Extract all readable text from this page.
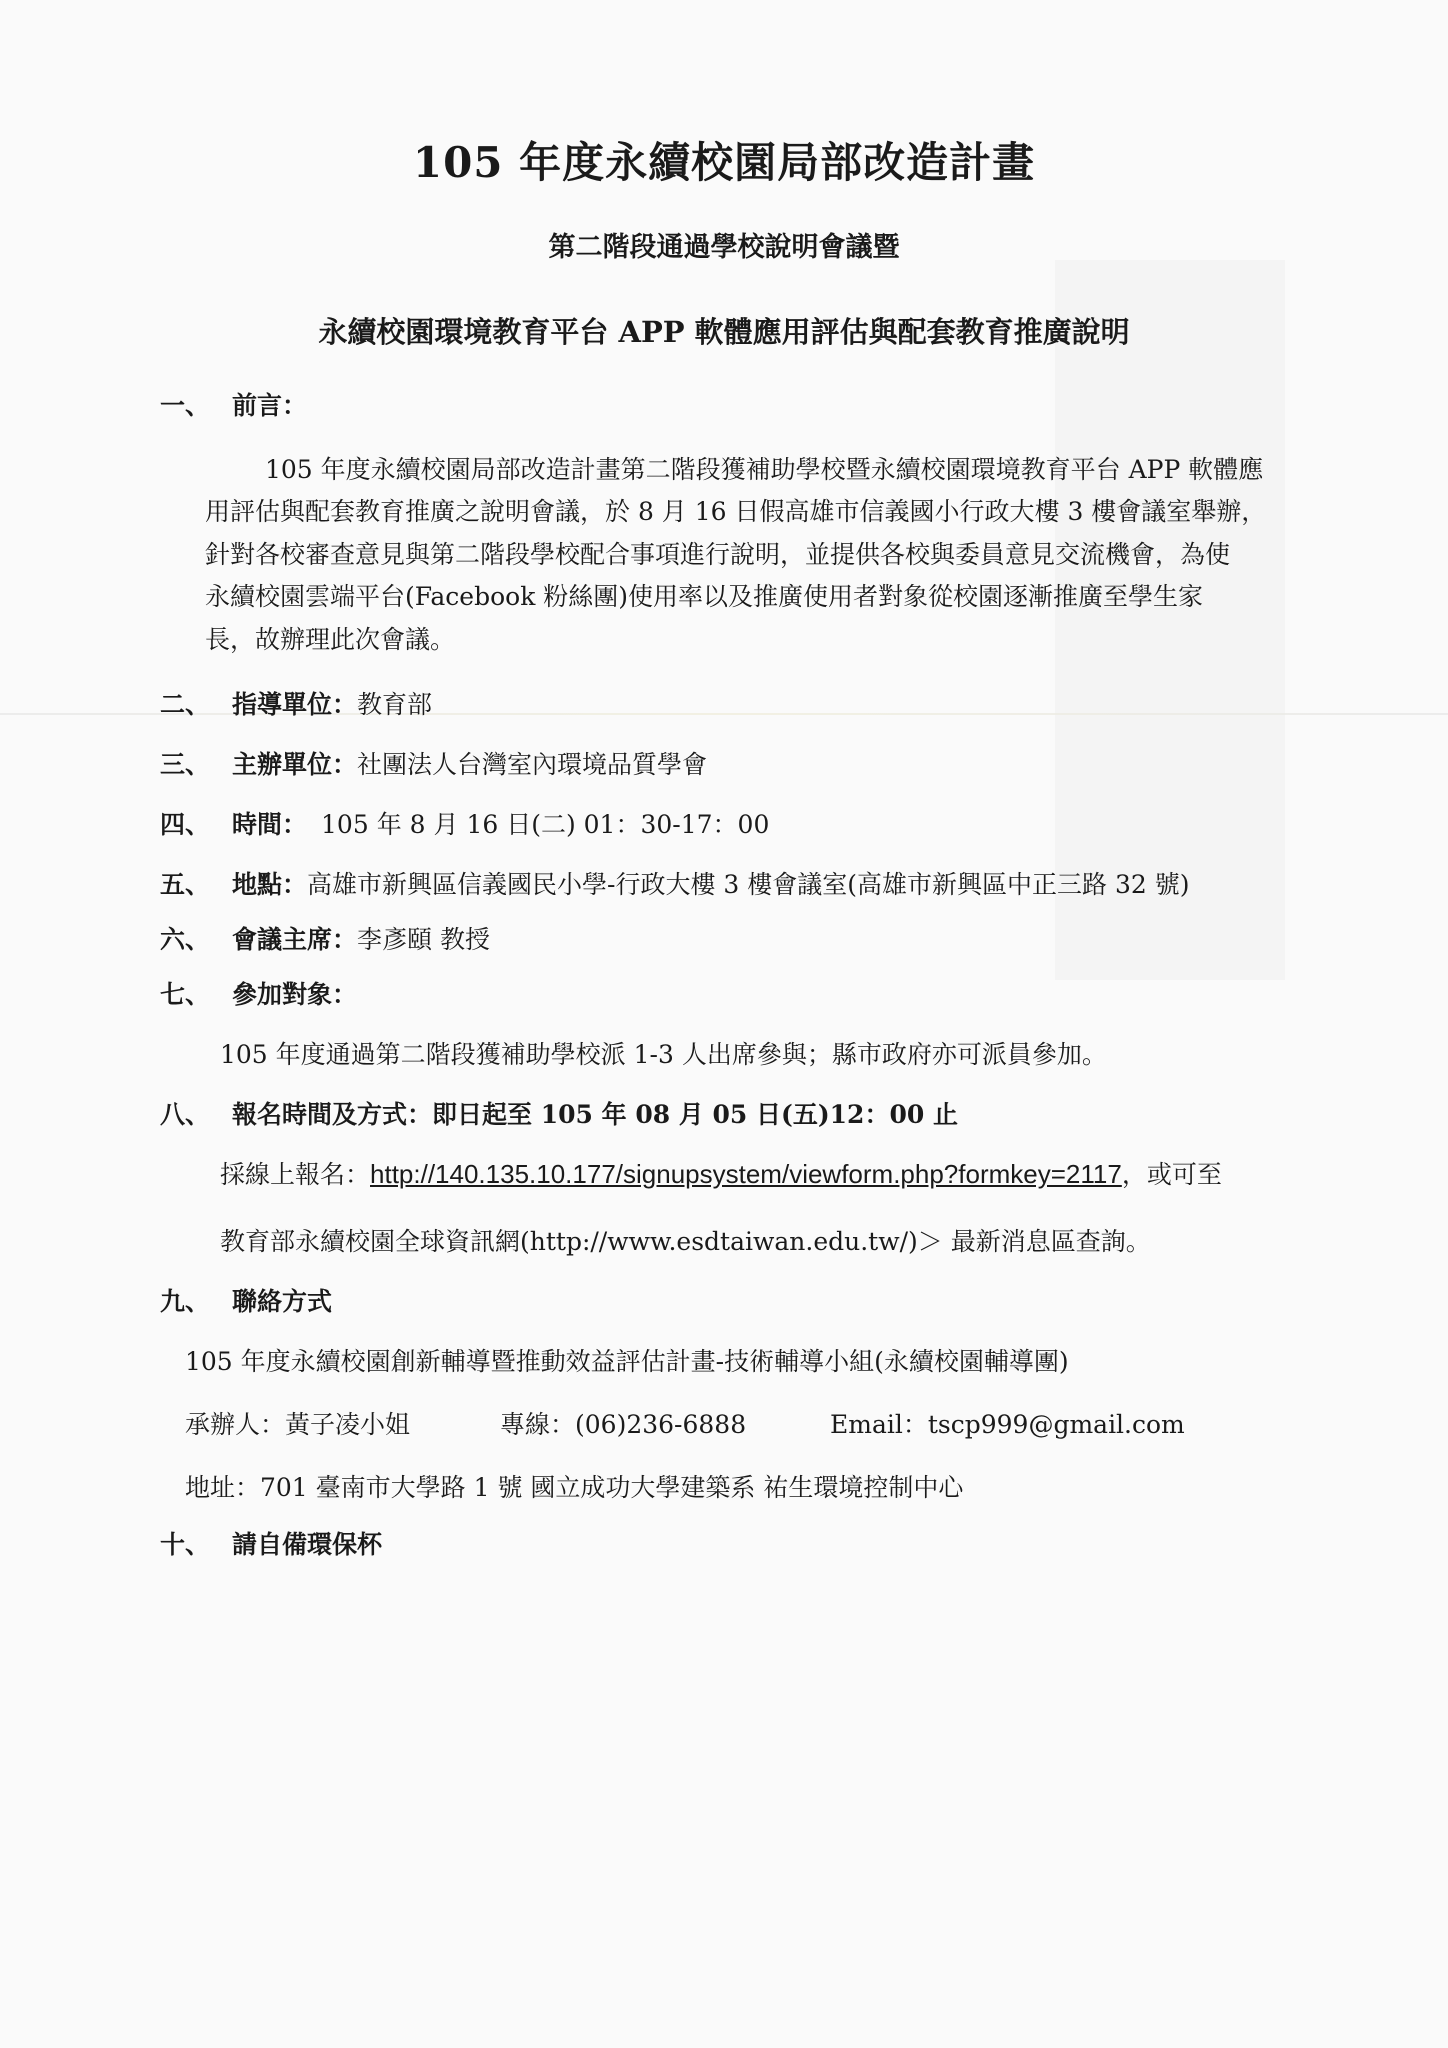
105 年度永續校園局部改造計畫
第二階段通過學校說明會議暨
永續校園環境教育平台 APP 軟體應用評估與配套教育推廣說明
一、 前言：
105 年度永續校園局部改造計畫第二階段獲補助學校暨永續校園環境教育平台 APP 軟體應
用評估與配套教育推廣之說明會議，於 8 月 16 日假高雄市信義國小行政大樓 3 樓會議室舉辦，
針對各校審查意見與第二階段學校配合事項進行說明，並提供各校與委員意見交流機會，為使
永續校園雲端平台(Facebook 粉絲團)使用率以及推廣使用者對象從校園逐漸推廣至學生家
長，故辦理此次會議。
二、 指導單位：教育部
三、 主辦單位：社團法人台灣室內環境品質學會
四、 時間： 105 年 8 月 16 日(二) 01：30-17：00
五、 地點：高雄市新興區信義國民小學-行政大樓 3 樓會議室(高雄市新興區中正三路 32 號)
六、 會議主席：李彥頤 教授
七、 參加對象：
105 年度通過第二階段獲補助學校派 1-3 人出席參與；縣市政府亦可派員參加。
八、 報名時間及方式：即日起至 105 年 08 月 05 日(五)12：00 止
採線上報名：http://140.135.10.177/signupsystem/viewform.php?formkey=2117，或可至
教育部永續校園全球資訊網(http://www.esdtaiwan.edu.tw/)＞ 最新消息區查詢。
九、 聯絡方式
105 年度永續校園創新輔導暨推動效益評估計畫-技術輔導小組(永續校園輔導團)
承辦人：黃子凌小姐	專線：(06)236-6888	Email：tscp999@gmail.com
地址：701 臺南市大學路 1 號 國立成功大學建築系 祐生環境控制中心
十、 請自備環保杯
